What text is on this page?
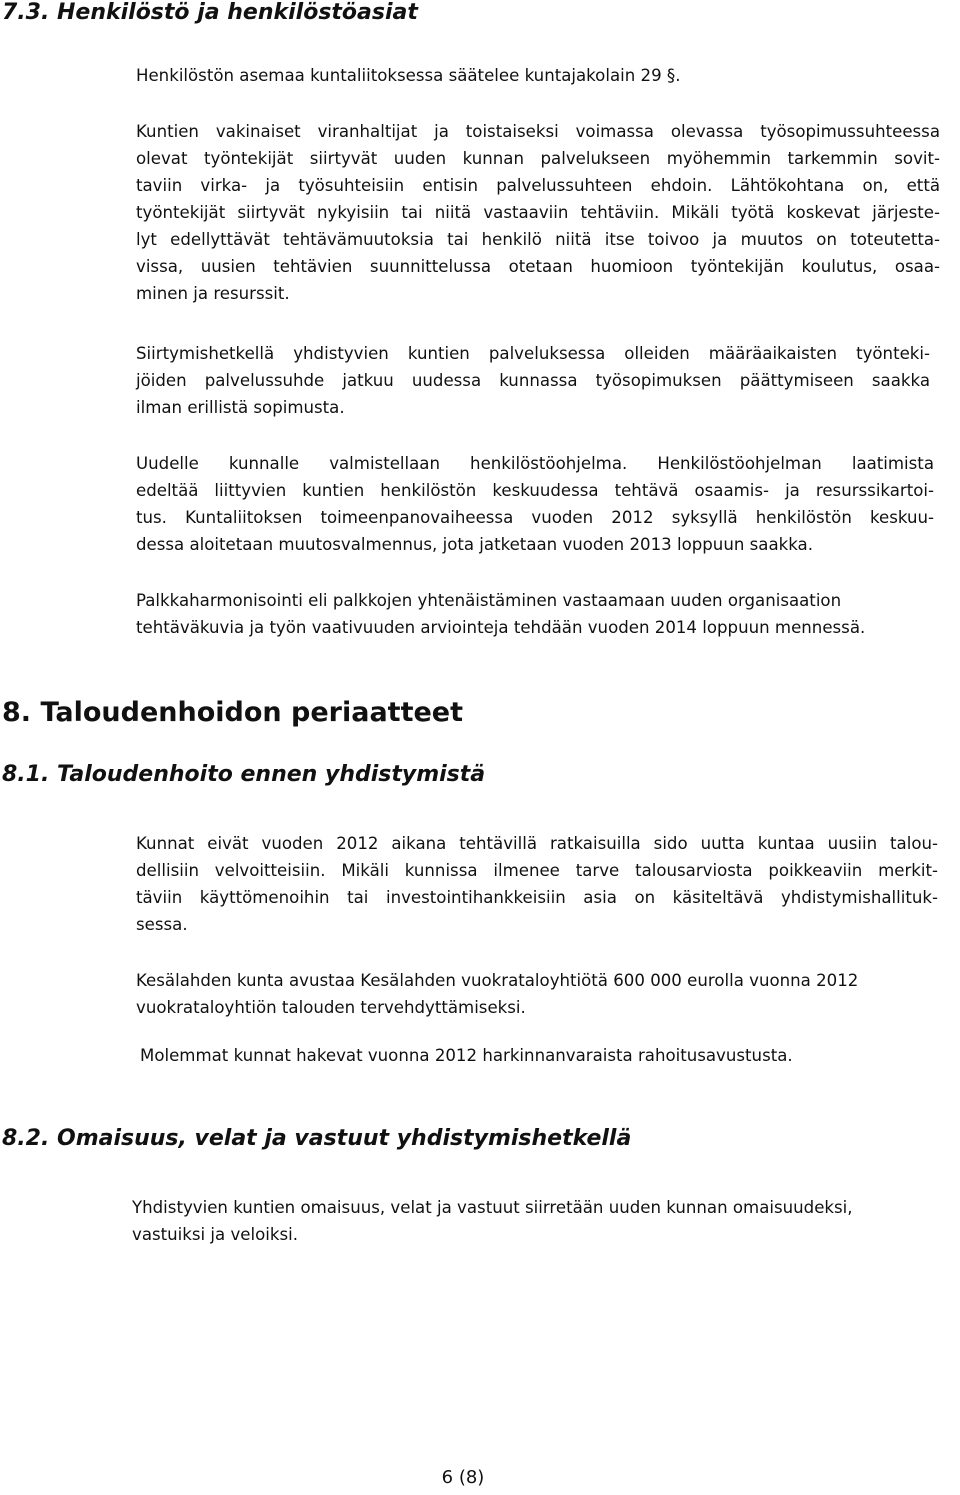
7.3. Henkilöstö ja henkilöstöasiat
Henkilöstön asemaa kuntaliitoksessa säätelee kuntajakolain 29 §.
Kuntien vakinaiset viranhaltijat ja toistaiseksi voimassa olevassa työsopimussuhteessa
olevat työntekijät siirtyvät uuden kunnan palvelukseen myöhemmin tarkemmin sovit-
taviin virka- ja työsuhteisiin entisin palvelussuhteen ehdoin. Lähtökohtana on, että
työntekijät siirtyvät nykyisiin tai niitä vastaaviin tehtäviin. Mikäli työtä koskevat järjeste-
lyt edellyttävät tehtävämuutoksia tai henkilö niitä itse toivoo ja muutos on toteutetta-
vissa, uusien tehtävien suunnittelussa otetaan huomioon työntekijän koulutus, osaa-
minen ja resurssit.
Siirtymishetkellä yhdistyvien kuntien palveluksessa olleiden määräaikaisten työnteki-
jöiden palvelussuhde jatkuu uudessa kunnassa työsopimuksen päättymiseen saakka
ilman erillistä sopimusta.
Uudelle kunnalle valmistellaan henkilöstöohjelma. Henkilöstöohjelman laatimista
edeltää liittyvien kuntien henkilöstön keskuudessa tehtävä osaamis- ja resurssikartoi-
tus. Kuntaliitoksen toimeenpanovaiheessa vuoden 2012 syksyllä henkilöstön keskuu-
dessa aloitetaan muutosvalmennus, jota jatketaan vuoden 2013 loppuun saakka.
Palkkaharmonisointi eli palkkojen yhtenäistäminen vastaamaan uuden organisaation
tehtäväkuvia ja työn vaativuuden arviointeja tehdään vuoden 2014 loppuun mennessä.
8. Taloudenhoidon periaatteet
8.1. Taloudenhoito ennen yhdistymistä
Kunnat eivät vuoden 2012 aikana tehtävillä ratkaisuilla sido uutta kuntaa uusiin talou-
dellisiin velvoitteisiin. Mikäli kunnissa ilmenee tarve talousarviosta poikkeaviin merkit-
täviin käyttömenoihin tai investointihankkeisiin asia on käsiteltävä yhdistymishallituk-
sessa.
Kesälahden kunta avustaa Kesälahden vuokrataloyhtiötä 600 000 eurolla vuonna 2012
vuokrataloyhtiön talouden tervehdyttämiseksi.
Molemmat kunnat hakevat vuonna 2012 harkinnanvaraista rahoitusavustusta.
8.2. Omaisuus, velat ja vastuut yhdistymishetkellä
Yhdistyvien kuntien omaisuus, velat ja vastuut siirretään uuden kunnan omaisuudeksi,
vastuiksi ja veloiksi.
6 (8)
